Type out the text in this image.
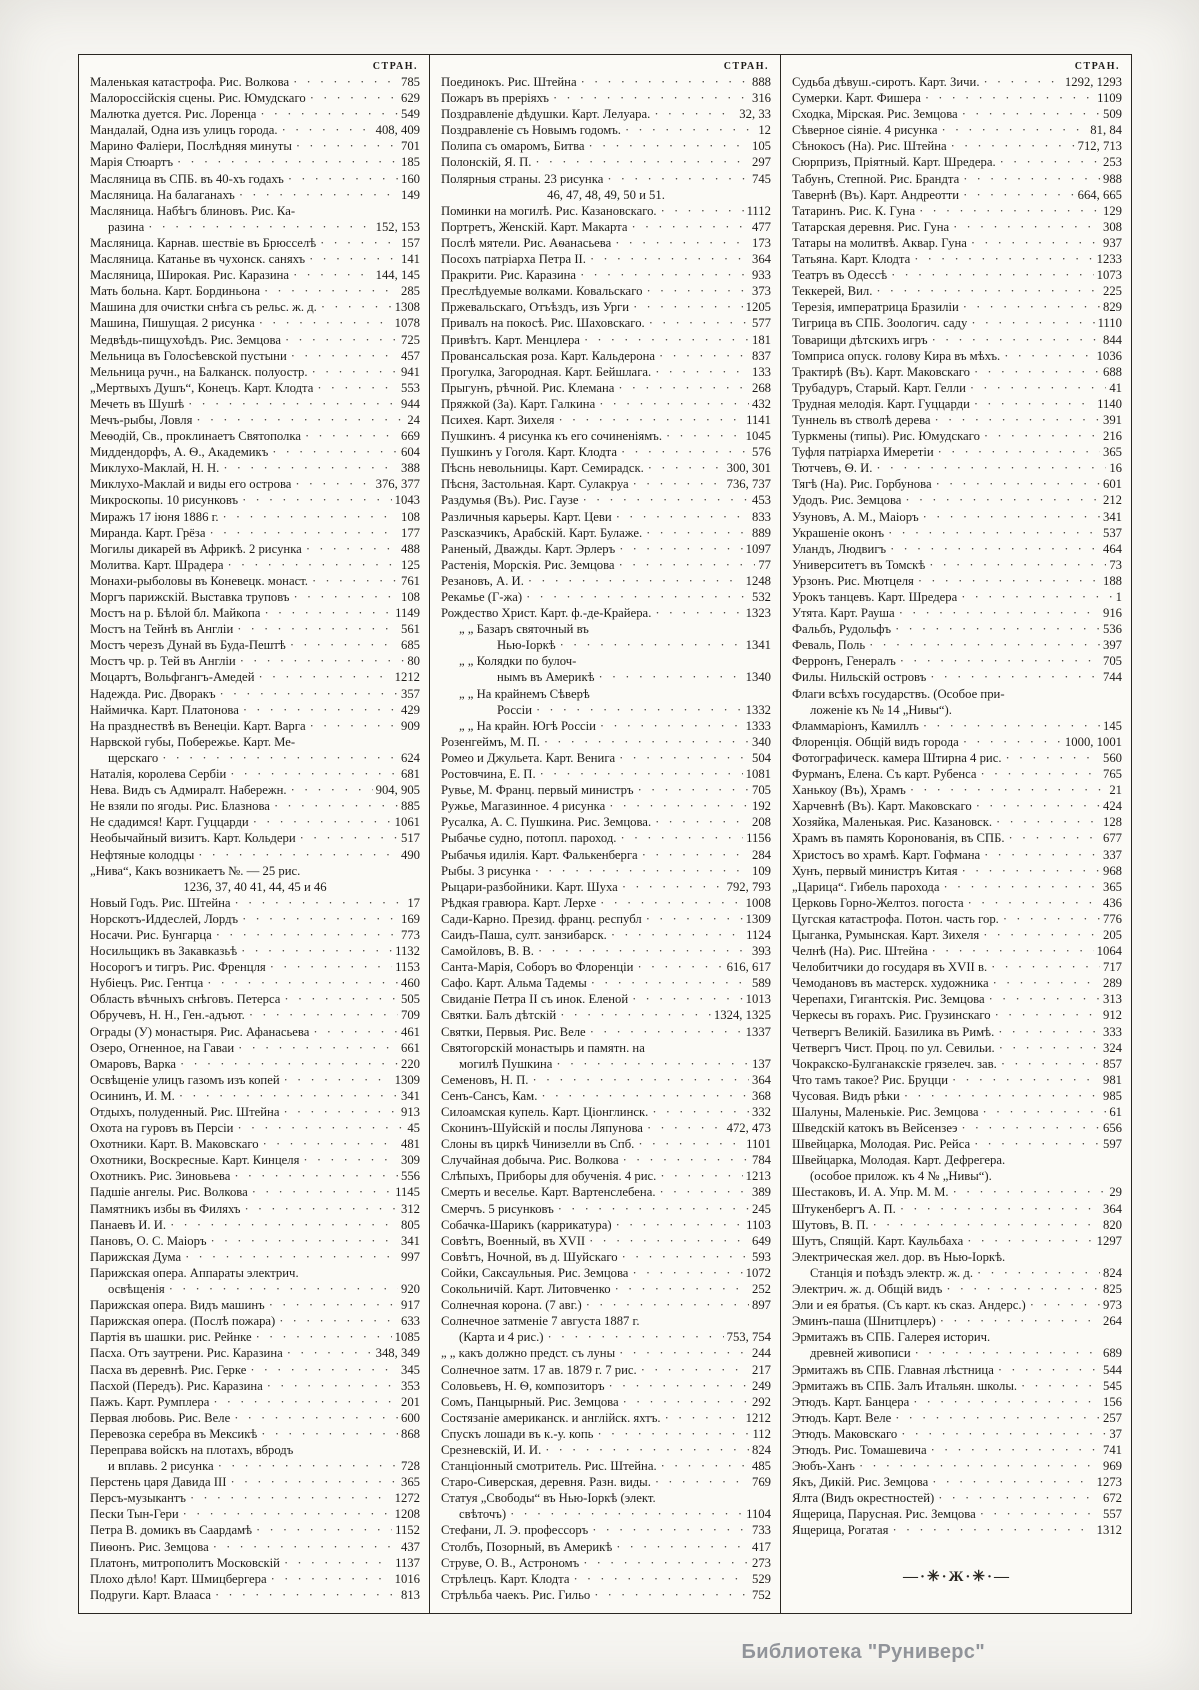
СТРАН.
Маленькая катастрофа. Рис. Волкова · · ·	785
Малороссійскія сцены. Рис. Юмудскаго · · ·	629
Малютка дуется. Рис. Лоренца · · ·	549
Мандалай, Одна изъ улицъ города. · · ·	408, 409
Марино Фаліери, Послѣдняя минуты · · ·	701
Марія Стюартъ · · ·	185
Масляница въ СПБ. въ 40-хъ годахъ · · ·	160
Масляница. На балаганахъ · · ·	149
Масляница. Набѣгъ блиновъ. Рис. Ка-
разина · · ·	152, 153
Масляница. Карнав. шествіе въ Брюсселѣ · · ·	157
Масляница. Катанье въ чухонск. саняхъ · · ·	141
Масляница, Широкая. Рис. Каразина · · ·	144, 145
Мать больна. Карт. Бординьона · · ·	285
Машина для очистки снѣга съ рельс. ж. д. · · ·	1308
Машина, Пишущая. 2 рисунка · · ·	1078
Медвѣдь-пищухоѣдъ. Рис. Земцова · · ·	725
Мельница въ Голосѣевской пустыни · · ·	457
Мельница ручн., на Балканск. полуостр. · · ·	941
„Мертвыхъ Душъ“, Конецъ. Карт. Клодта · · ·	553
Мечеть въ Шушѣ · · ·	944
Мечъ-рыбы, Ловля · · ·	24
Меѳодій, Св., проклинаетъ Святополка · · ·	669
Миддендорфъ, А. Ѳ., Академикъ · · ·	604
Миклухо-Маклай, Н. Н. · · ·	388
Миклухо-Маклай и виды его острова · · ·	376, 377
Микроскопы. 10 рисунковъ · · ·	1043
Миражъ 17 іюня 1886 г. · · ·	108
Миранда. Карт. Грёза · · ·	177
Могилы дикарей въ Африкѣ. 2 рисунка · · ·	488
Молитва. Карт. Шрадера · · ·	125
Монахи-рыболовы въ Коневецк. монаст. · · ·	761
Моргъ парижскій. Выставка труповъ · · ·	108
Мостъ на р. Бѣлой бл. Майкопа · · ·	1149
Мостъ на Тейнѣ въ Англіи · · ·	561
Мостъ черезъ Дунай въ Буда-Пештѣ · · ·	685
Мостъ чр. р. Тей въ Англіи · · ·	80
Моцартъ, Вольфгангъ-Амедей · · ·	1212
Надежда. Рис. Дворакъ · · ·	357
Наймичка. Карт. Платонова · · ·	429
На празднествѣ въ Венеціи. Карт. Варга · · ·	909
Нарвской губы, Побережье. Карт. Ме-
щерскаго · · ·	624
Наталія, королева Сербіи · · ·	681
Нева. Видъ съ Адмиралт. Набережн. · · ·	904, 905
Не взяли по ягоды. Рис. Блазнова · · ·	885
Не сдадимся! Карт. Гуццарди · · ·	1061
Необычайный визитъ. Карт. Кольдери · · ·	517
Нефтяные колодцы · · ·	490
„Нива“, Какъ возникаетъ №. — 25 рис.
1236, 37, 40 41, 44, 45 и 46
Новый Годъ. Рис. Штейна · · ·	17
Норскотъ-Иддеслей, Лордъ · · ·	169
Носачи. Рис. Бунгарца · · ·	773
Носильщикъ въ Закавказьѣ · · ·	1132
Носорогъ и тигръ. Рис. Френцля · · ·	1153
Нубіецъ. Рис. Гентца · · ·	460
Область вѣчныхъ снѣговъ. Петерса · · ·	505
Обручевъ, Н. Н., Ген.-адъют. · · ·	709
Ограды (У) монастыря. Рис. Афанасьева · · ·	461
Озеро, Огненное, на Гаваи · · ·	661
Омаровъ, Варка · · ·	220
Освѣщеніе улицъ газомъ изъ копей · · ·	1309
Осининъ, И. М. · · ·	341
Отдыхъ, полуденный. Рис. Штейна · · ·	913
Охота на гуровъ въ Персіи · · ·	45
Охотники. Карт. В. Маковскаго · · ·	481
Охотники, Воскресные. Карт. Кинцеля · · ·	309
Охотникъ. Рис. Зиновьева · · ·	556
Падшіе ангелы. Рис. Волкова · · ·	1145
Памятникъ избы въ Филяхъ · · ·	312
Панаевъ И. И. · · ·	805
Пановъ, О. С. Маіоръ · · ·	341
Парижская Дума · · ·	997
Парижская опера. Аппараты электрич.
освѣщенія · · ·	920
Парижская опера. Видъ машинъ · · ·	917
Парижская опера. (Послѣ пожара) · · ·	633
Партія въ шашки. рис. Рейнке · · ·	1085
Пасха. Отъ заутрени. Рис. Каразина · · ·	348, 349
Пасха въ деревнѣ. Рис. Герке · · ·	345
Пасхой (Передъ). Рис. Каразина · · ·	353
Пажъ. Карт. Румплера · · ·	201
Первая любовь. Рис. Веле · · ·	600
Перевозка серебра въ Мексикѣ · · ·	868
Переправа войскъ на плотахъ, вбродъ
и вплавь. 2 рисунка · · ·	728
Перстень царя Давида III · · ·	365
Персъ-музыкантъ · · ·	1272
Пески Тын-Гери · · ·	1208
Петра В. домикъ въ Саардамѣ · · ·	1152
Пиѳонъ. Рис. Земцова · · ·	437
Платонъ, митрополитъ Московскій · · ·	1137
Плохо дѣло! Карт. Шмицбергера · · ·	1016
Подруги. Карт. Влааса · · ·	813
СТРАН.
Поединокъ. Рис. Штейна · · ·	888
Пожаръ въ преріяхъ · · ·	316
Поздравленіе дѣдушки. Карт. Лелуара. · · ·	32, 33
Поздравленіе съ Новымъ годомъ. · · ·	12
Полипа съ омаромъ, Битва · · ·	105
Полонскій, Я. П. · · ·	297
Полярныя страны. 23 рисунка · · ·	745
46, 47, 48, 49, 50 и 51.
Поминки на могилѣ. Рис. Казановскаго. · · ·	1112
Портретъ, Женскій. Карт. Макарта · · ·	477
Послѣ мятели. Рис. Аѳанасьева · · ·	173
Посохъ патріарха Петра II. · · ·	364
Пракрити. Рис. Каразина · · ·	933
Преслѣдуемые волками. Ковальскаго · · ·	373
Пржевальскаго, Отъѣздъ, изъ Урги · · ·	1205
Привалъ на покосѣ. Рис. Шаховскаго. · · ·	577
Привѣтъ. Карт. Менцлера · · ·	181
Провансальская роза. Карт. Кальдерона · · ·	837
Прогулка, Загородная. Карт. Бейшлага. · · ·	133
Прыгунъ, рѣчной. Рис. Клемана · · ·	268
Пряжкой (За). Карт. Галкина · · ·	432
Психея. Карт. Зихеля · · ·	1141
Пушкинъ. 4 рисунка къ его сочиненіямъ. · · ·	1045
Пушкинъ у Гоголя. Карт. Клодта · · ·	576
Пѣснь невольницы. Карт. Семирадск. · · ·	300, 301
Пѣсня, Застольная. Карт. Сулакруа · · ·	736, 737
Раздумья (Въ). Рис. Гаузе · · ·	453
Различныя карьеры. Карт. Цеви · · ·	833
Разсказчикъ, Арабскій. Карт. Булаже. · · ·	889
Раненый, Дважды. Карт. Эрлеръ · · ·	1097
Растенія, Морскія. Рис. Земцова · · ·	77
Резановъ, А. И. · · ·	1248
Рекамье (Г-жа) · · ·	532
Рождество Христ. Карт. ф.-де-Крайера. · · ·	1323
„ „ Базаръ святочный въ
Нью-Іоркѣ · · ·	1341
„ „ Колядки по булоч-
нымъ въ Америкѣ · · ·	1340
„ „ На крайнемъ Сѣверѣ
Россіи · · ·	1332
„ „ На крайн. Югѣ Россіи · · ·	1333
Розенгеймъ, М. П. · · ·	340
Ромео и Джульета. Карт. Венига · · ·	504
Ростовчина, Е. П. · · ·	1081
Рувье, М. Франц. первый министръ · · ·	705
Ружье, Магазинное. 4 рисунка · · ·	192
Русалка, А. С. Пушкина. Рис. Земцова. · · ·	208
Рыбачье судно, потопл. пароход. · · ·	1156
Рыбачья идилія. Карт. Фалькенберга · · ·	284
Рыбы. 3 рисунка · · ·	109
Рыцари-разбойники. Карт. Шуха · · ·	792, 793
Рѣдкая гравюра. Карт. Лерхе · · ·	1008
Сади-Карно. Презид. франц. республ · · ·	1309
Саидъ-Паша, султ. занзибарск. · · ·	1124
Самойловъ, В. В. · · ·	393
Санта-Марія, Соборъ во Флоренціи · · ·	616, 617
Сафо. Карт. Альма Тадемы · · ·	589
Свиданіе Петра II съ инок. Еленой · · ·	1013
Святки. Балъ дѣтскій · · ·	1324, 1325
Святки, Первыя. Рис. Веле · · ·	1337
Святогорскій монастырь и памятн. на
могилѣ Пушкина · · ·	137
Семеновъ, Н. П. · · ·	364
Сенъ-Сансъ, Кам. · · ·	368
Силоамская купель. Карт. Ціонглинск. · · ·	332
Сконинъ-Шуйскій и послы Ляпунова · · ·	472, 473
Слоны въ циркѣ Чинизелли въ Спб. · · ·	1101
Случайная добыча. Рис. Волкова · · ·	784
Слѣпыхъ, Приборы для обученія. 4 рис. · · ·	1213
Смерть и веселье. Карт. Вартенслебена. · · ·	389
Смерчъ. 5 рисунковъ · · ·	245
Собачка-Шарикъ (каррикатура) · · ·	1103
Совѣтъ, Военный, въ XVII · · ·	649
Совѣтъ, Ночной, въ д. Шуйскаго · · ·	593
Сойки, Саксаульныя. Рис. Земцова · · ·	1072
Сокольничій. Карт. Литовченко · · ·	252
Солнечная корона. (7 авг.) · · ·	897
Солнечное затменіе 7 августа 1887 г.
(Карта и 4 рис.) · · ·	753, 754
„ „ какъ должно предст. съ луны · · ·	244
Солнечное затм. 17 ав. 1879 г. 7 рис. · · ·	217
Соловьевъ, Н. Ѳ, композиторъ · · ·	249
Сомъ, Панцырный. Рис. Земцова · · ·	292
Состязаніе американск. и англійск. яхтъ. · · ·	1212
Спускъ лошади въ к.-у. копь · · ·	112
Срезневскій, И. И. · · ·	824
Станціонный смотритель. Рис. Штейна. · · ·	485
Старо-Сиверская, деревня. Разн. виды. · · ·	769
Статуя „Свободы“ въ Нью-Іоркѣ (элект.
свѣточъ) · · ·	1104
Стефани, Л. Э. профессоръ · · ·	733
Столбъ, Позорный, въ Америкѣ · · ·	417
Струве, О. В., Астрономъ · · ·	273
Стрѣлецъ. Карт. Клодта · · ·	529
Стрѣльба чаекъ. Рис. Гильо · · ·	752
СТРАН.
Судьба дѣвуш.-сиротъ. Карт. Зичи. · · ·	1292, 1293
Сумерки. Карт. Фишера · · ·	1109
Сходка, Мірская. Рис. Земцова · · ·	509
Сѣверное сіяніе. 4 рисунка · · ·	81, 84
Сѣнокосъ (На). Рис. Штейна · · ·	712, 713
Сюрпризъ, Пріятный. Карт. Шредера. · · ·	253
Табунъ, Степной. Рис. Брандта · · ·	988
Тавернѣ (Въ). Карт. Андреотти · · ·	664, 665
Татаринъ. Рис. К. Гуна · · ·	129
Татарская деревня. Рис. Гуна · · ·	308
Татары на молитвѣ. Аквар. Гуна · · ·	937
Татьяна. Карт. Клодта · · ·	1233
Театръ въ Одессѣ · · ·	1073
Теккерей, Вил. · · ·	225
Терезія, императрица Бразиліи · · ·	829
Тигрица въ СПБ. Зоологич. саду · · ·	1110
Товарищи дѣтскихъ игръ · · ·	844
Томприса опуск. голову Кира въ мѣхъ. · · ·	1036
Трактирѣ (Въ). Карт. Маковскаго · · ·	688
Трубадуръ, Старый. Карт. Гелли · · ·	41
Трудная мелодія. Карт. Гуццарди · · ·	1140
Туннель въ стволѣ дерева · · ·	391
Туркмены (типы). Рис. Юмудскаго · · ·	216
Туфля патріарха Имеретіи · · ·	365
Тютчевъ, Ѳ. И. · · ·	16
Тягѣ (На). Рис. Горбунова · · ·	601
Удодъ. Рис. Земцова · · ·	212
Узуновъ, А. М., Маіоръ · · ·	341
Украшеніе оконъ · · ·	537
Уландъ, Людвигъ · · ·	464
Университетъ въ Томскѣ · · ·	73
Урзонъ. Рис. Мютцеля · · ·	188
Урокъ танцевъ. Карт. Шредера · · ·	1
Утята. Карт. Рауша · · ·	916
Фальбъ, Рудольфъ · · ·	536
Феваль, Поль · · ·	397
Ферронъ, Генералъ · · ·	705
Филы. Нильскій островъ · · ·	744
Флаги всѣхъ государствъ. (Особое при-
ложеніе къ № 14 „Нивы“).
Фламмаріонъ, Камиллъ · · ·	145
Флоренція. Общій видъ города · · ·	1000, 1001
Фотографическ. камера Штирна 4 рис. · · ·	560
Фурманъ, Елена. Съ карт. Рубенса · · ·	765
Ханькоу (Въ), Храмъ · · ·	21
Харчевнѣ (Въ). Карт. Маковскаго · · ·	424
Хозяйка, Маленькая. Рис. Казановск. · · ·	128
Храмъ въ память Коронованія, въ СПБ. · · ·	677
Христосъ во храмѣ. Карт. Гофмана · · ·	337
Хунъ, первый министръ Китая · · ·	968
„Царица“. Гибель парохода · · ·	365
Церковь Горно-Желтоз. погоста · · ·	436
Цугская катастрофа. Потон. часть гор. · · ·	776
Цыганка, Румынская. Карт. Зихеля · · ·	205
Челнѣ (На). Рис. Штейна · · ·	1064
Челобитчики до государя въ XVII в. · · ·	717
Чемодановъ въ мастерск. художника · · ·	289
Черепахи, Гигантскія. Рис. Земцова · · ·	313
Черкесы въ горахъ. Рис. Грузинскаго · · ·	912
Четвергъ Великій. Базилика въ Римѣ. · · ·	333
Четвергъ Чист. Проц. по ул. Севильи. · · ·	324
Чокракско-Булганакскіе грязелеч. зав. · · ·	857
Что тамъ такое? Рис. Бруцци · · ·	981
Чусовая. Видъ рѣки · · ·	985
Шалуны, Маленькіе. Рис. Земцова · · ·	61
Шведскій катокъ въ Вейсензеэ · · ·	656
Швейцарка, Молодая. Рис. Рейса · · ·	597
Швейцарка, Молодая. Карт. Дефрегера.
(особое прилож. къ 4 № „Нивы“).
Шестаковъ, И. А. Упр. М. М. · · ·	29
Штукенбергъ А. П. · · ·	364
Шутовъ, В. П. · · ·	820
Шутъ, Спящій. Карт. Каульбаха · · ·	1297
Электрическая жел. дор. въ Нью-Іоркѣ.
Станція и поѣздъ электр. ж. д. · · ·	824
Электрич. ж. д. Общій видъ · · ·	825
Эли и ея братья. (Съ карт. къ сказ. Андерс.) · · ·	973
Эминъ-паша (Шнитцлеръ) · · ·	264
Эрмитажъ въ СПБ. Галерея историч.
древней живописи · · ·	689
Эрмитажъ въ СПБ. Главная лѣстница · · ·	544
Эрмитажъ въ СПБ. Залъ Итальян. школы. · · ·	545
Этюдъ. Карт. Банцера · · ·	156
Этюдъ. Карт. Веле · · ·	257
Этюдъ. Маковскаго · · ·	37
Этюдъ. Рис. Томашевича · · ·	741
Эюбъ-Ханъ · · ·	969
Якъ, Дикій. Рис. Земцова · · ·	1273
Ялта (Видъ окрестностей) · · ·	672
Ящерица, Парусная. Рис. Земцова · · ·	557
Ящерица, Рогатая · · ·	1312
—·✳·Ж·✳·—
Библиотека "Руниверс"
